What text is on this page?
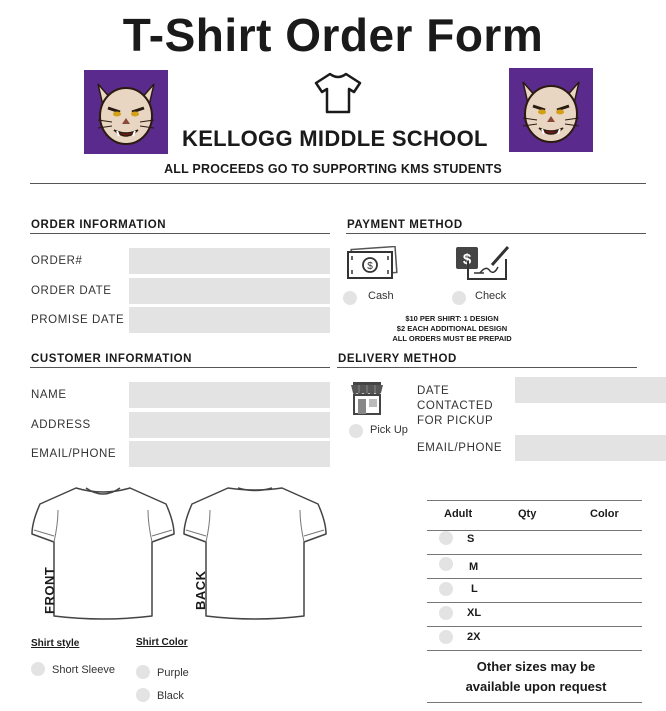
T-Shirt Order Form
KELLOGG MIDDLE SCHOOL
ALL PROCEEDS GO TO SUPPORTING KMS STUDENTS
ORDER INFORMATION
ORDER#
ORDER DATE
PROMISE DATE
PAYMENT METHOD
$
Cash
$
Check
$10 PER SHIRT: 1 DESIGN
$2 EACH ADDITIONAL DESIGN
ALL ORDERS MUST BE PREPAID
CUSTOMER INFORMATION
NAME
ADDRESS
EMAIL/PHONE
DELIVERY METHOD
Pick Up
DATE
CONTACTED
FOR PICKUP
EMAIL/PHONE
FRONT	BACK
Shirt style
Short Sleeve
Shirt Color
Purple
Black
Adult	Qty	Color
S
M
L
XL
2X
Other sizes may be
available upon request
